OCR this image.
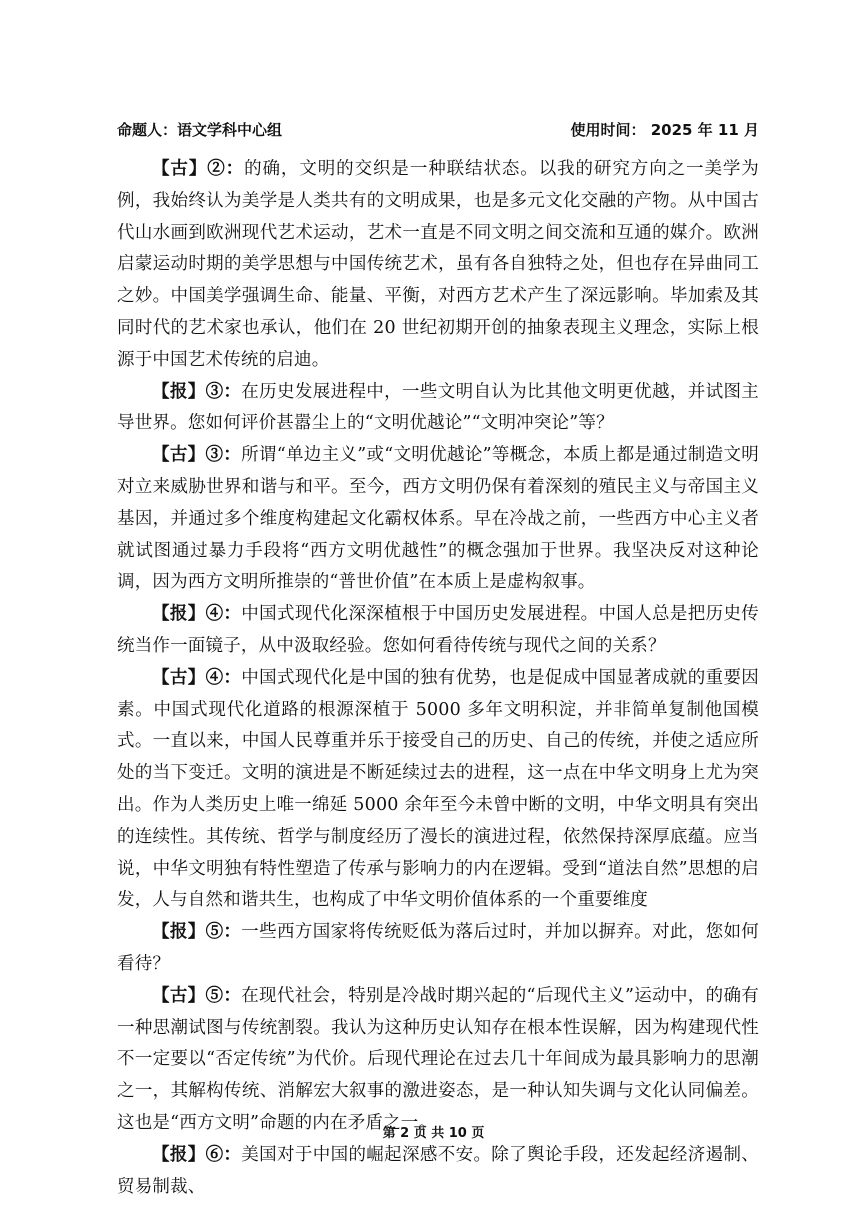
命题人：语文学科中心组	使用时间： 2025 年 11 月

【古】②：的确，文明的交织是一种联结状态。以我的研究方向之一美学为例，我始终认为美学是人类共有的文明成果，也是多元文化交融的产物。从中国古代山水画到欧洲现代艺术运动，艺术一直是不同文明之间交流和互通的媒介。欧洲启蒙运动时期的美学思想与中国传统艺术，虽有各自独特之处，但也存在异曲同工之妙。中国美学强调生命、能量、平衡，对西方艺术产生了深远影响。毕加索及其同时代的艺术家也承认，他们在 20 世纪初期开创的抽象表现主义理念，实际上根源于中国艺术传统的启迪。

【报】③：在历史发展进程中，一些文明自认为比其他文明更优越，并试图主导世界。您如何评价甚嚣尘上的“文明优越论”“文明冲突论”等？

【古】③：所谓“单边主义”或“文明优越论”等概念，本质上都是通过制造文明对立来威胁世界和谐与和平。至今，西方文明仍保有着深刻的殖民主义与帝国主义基因，并通过多个维度构建起文化霸权体系。早在冷战之前，一些西方中心主义者就试图通过暴力手段将“西方文明优越性”的概念强加于世界。我坚决反对这种论调，因为西方文明所推崇的“普世价值”在本质上是虚构叙事。

【报】④：中国式现代化深深植根于中国历史发展进程。中国人总是把历史传统当作一面镜子，从中汲取经验。您如何看待传统与现代之间的关系？

【古】④：中国式现代化是中国的独有优势，也是促成中国显著成就的重要因素。中国式现代化道路的根源深植于 5000 多年文明积淀，并非简单复制他国模式。一直以来，中国人民尊重并乐于接受自己的历史、自己的传统，并使之适应所处的当下变迁。文明的演进是不断延续过去的进程，这一点在中华文明身上尤为突出。作为人类历史上唯一绵延 5000 余年至今未曾中断的文明，中华文明具有突出的连续性。其传统、哲学与制度经历了漫长的演进过程，依然保持深厚底蕴。应当说，中华文明独有特性塑造了传承与影响力的内在逻辑。受到“道法自然”思想的启发，人与自然和谐共生，也构成了中华文明价值体系的一个重要维度

【报】⑤：一些西方国家将传统贬低为落后过时，并加以摒弃。对此，您如何看待？

【古】⑤：在现代社会，特别是冷战时期兴起的“后现代主义”运动中，的确有一种思潮试图与传统割裂。我认为这种历史认知存在根本性误解，因为构建现代性不一定要以“否定传统”为代价。后现代理论在过去几十年间成为最具影响力的思潮之一，其解构传统、消解宏大叙事的激进姿态，是一种认知失调与文化认同偏差。这也是“西方文明”命题的内在矛盾之一。

【报】⑥：美国对于中国的崛起深感不安。除了舆论手段，还发起经济遏制、贸易制裁、

第 2 页 共 10 页
